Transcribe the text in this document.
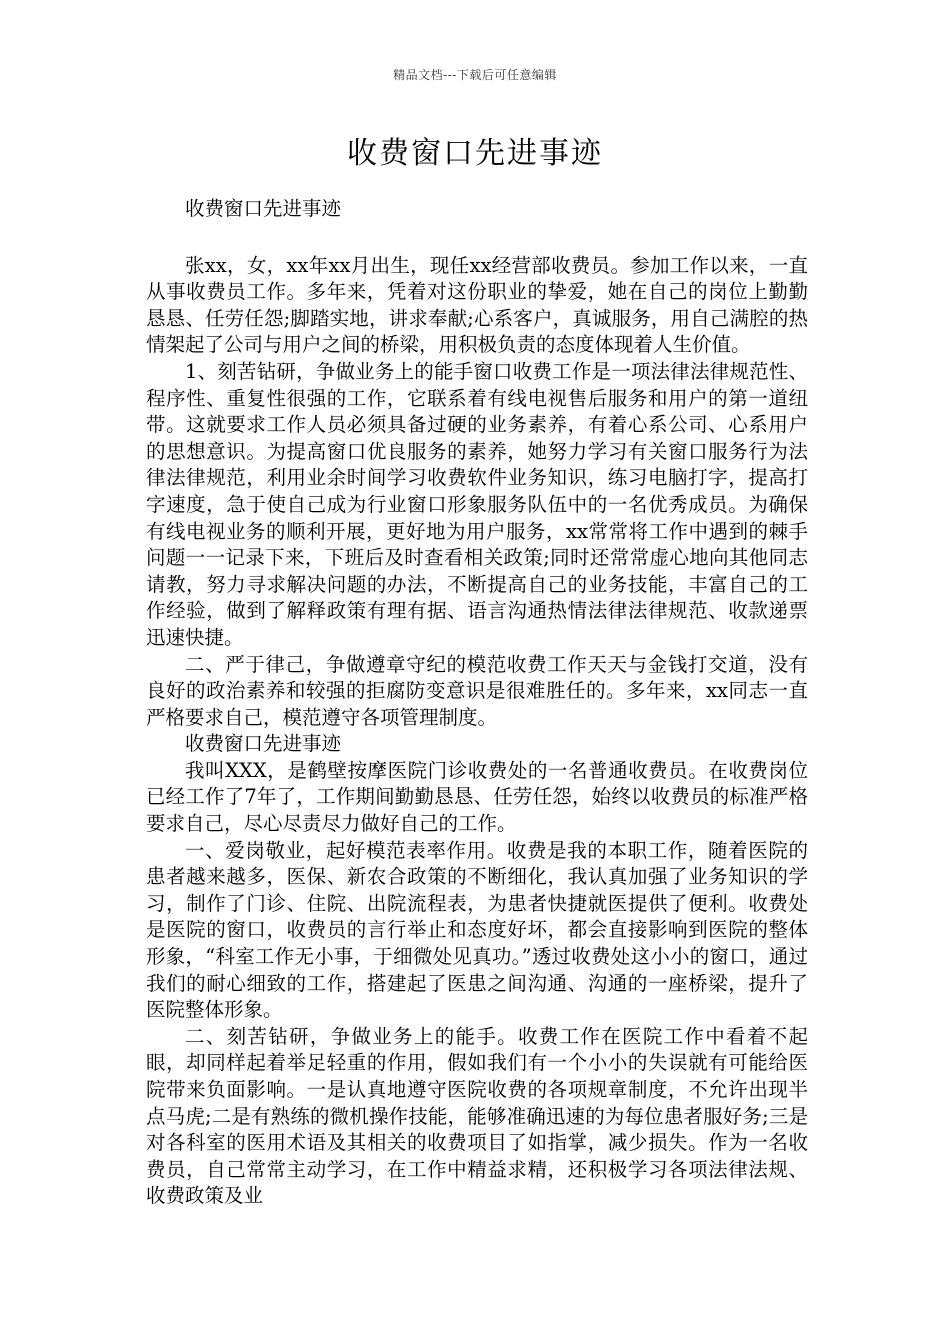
精品文档---下载后可任意编辑
收费窗口先进事迹

收费窗口先进事迹

张xx，女，xx年xx月出生，现任xx经营部收费员。参加工作以来，一直从事收费员工作。多年来，凭着对这份职业的挚爱，她在自己的岗位上勤勤恳恳、任劳任怨;脚踏实地，讲求奉献;心系客户，真诚服务，用自己满腔的热情架起了公司与用户之间的桥梁，用积极负责的态度体现着人生价值。

1、刻苦钻研，争做业务上的能手窗口收费工作是一项法律法律规范性、程序性、重复性很强的工作，它联系着有线电视售后服务和用户的第一道纽带。这就要求工作人员必须具备过硬的业务素养，有着心系公司、心系用户的思想意识。为提高窗口优良服务的素养，她努力学习有关窗口服务行为法律法律规范，利用业余时间学习收费软件业务知识，练习电脑打字，提高打字速度，急于使自己成为行业窗口形象服务队伍中的一名优秀成员。为确保有线电视业务的顺利开展，更好地为用户服务，xx常常将工作中遇到的棘手问题一一记录下来，下班后及时查看相关政策;同时还常常虚心地向其他同志请教，努力寻求解决问题的办法，不断提高自己的业务技能，丰富自己的工作经验，做到了解释政策有理有据、语言沟通热情法律法律规范、收款递票迅速快捷。

二、严于律己，争做遵章守纪的模范收费工作天天与金钱打交道，没有良好的政治素养和较强的拒腐防变意识是很难胜任的。多年来，xx同志一直严格要求自己，模范遵守各项管理制度。

收费窗口先进事迹

我叫XXX，是鹤壁按摩医院门诊收费处的一名普通收费员。在收费岗位已经工作了7年了，工作期间勤勤恳恳、任劳任怨，始终以收费员的标准严格要求自己，尽心尽责尽力做好自己的工作。

一、爱岗敬业，起好模范表率作用。收费是我的本职工作，随着医院的患者越来越多，医保、新农合政策的不断细化，我认真加强了业务知识的学习，制作了门诊、住院、出院流程表，为患者快捷就医提供了便利。收费处是医院的窗口，收费员的言行举止和态度好坏，都会直接影响到医院的整体形象，“科室工作无小事，于细微处见真功。”透过收费处这小小的窗口，通过我们的耐心细致的工作，搭建起了医患之间沟通、沟通的一座桥梁，提升了医院整体形象。

二、刻苦钻研，争做业务上的能手。收费工作在医院工作中看着不起眼，却同样起着举足轻重的作用，假如我们有一个小小的失误就有可能给医院带来负面影响。一是认真地遵守医院收费的各项规章制度，不允许出现半点马虎;二是有熟练的微机操作技能，能够准确迅速的为每位患者服好务;三是对各科室的医用术语及其相关的收费项目了如指掌，减少损失。作为一名收费员，自己常常主动学习，在工作中精益求精，还积极学习各项法律法规、收费政策及业
